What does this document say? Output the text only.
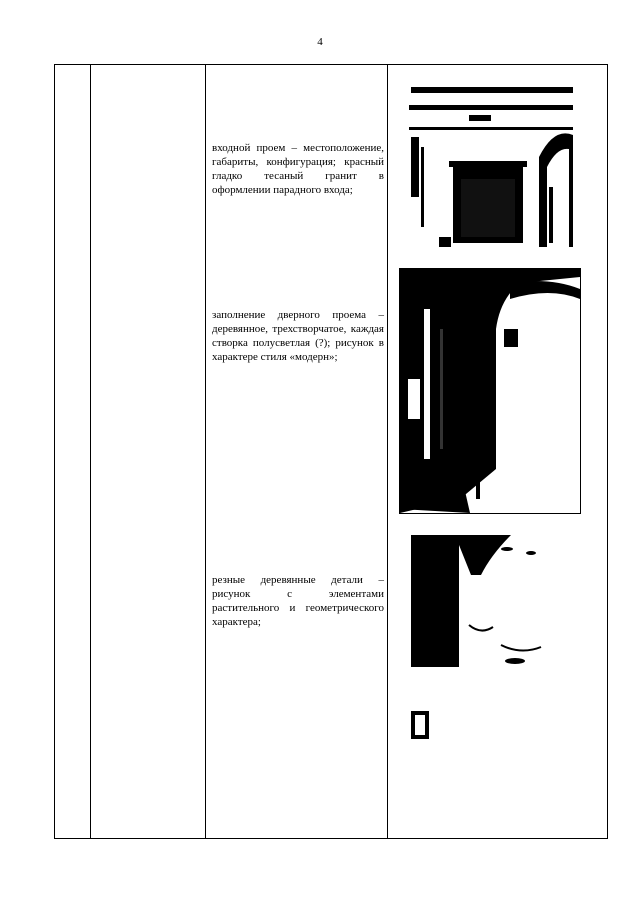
4
входной проем – местоположение, габариты, конфигурация; красный гладко тесаный гранит в оформлении парадного входа;
заполнение дверного проема – деревянное, трехстворчатое, каждая створка полусветлая (?); рисунок в характере стиля «модерн»;
резные деревянные детали – рисунок с элементами растительного и геометрического характера;
